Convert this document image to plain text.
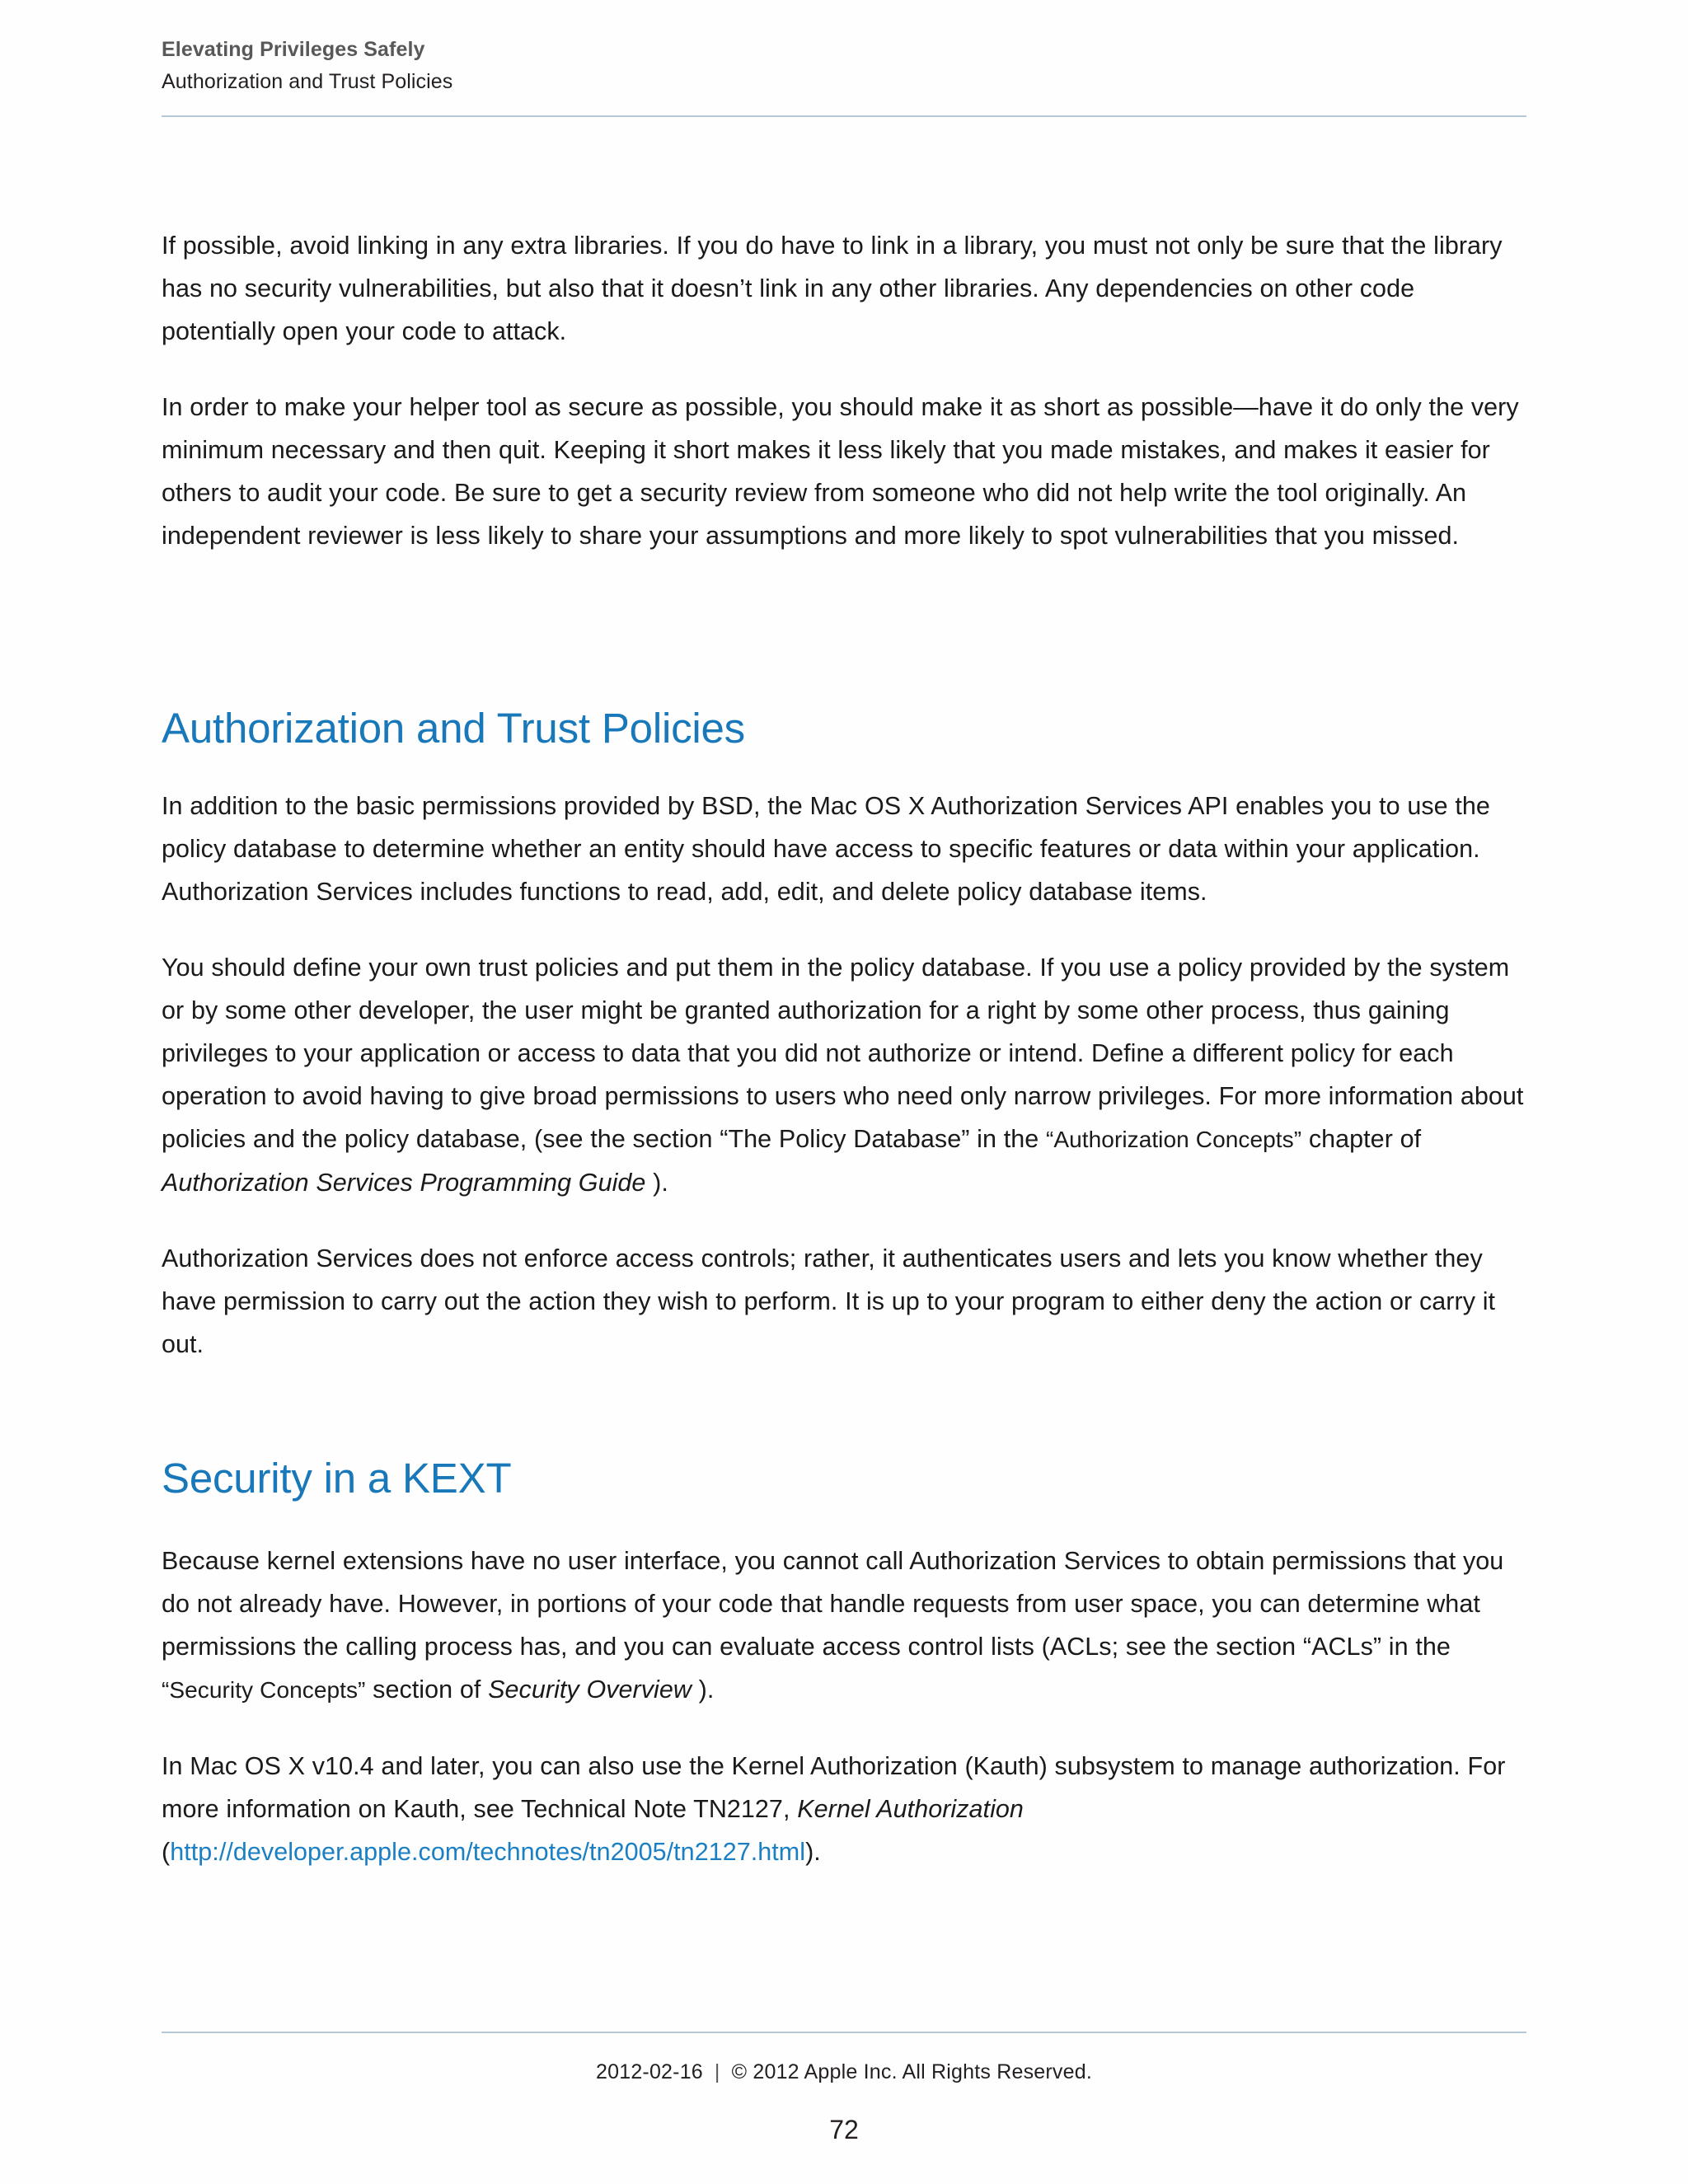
Elevating Privileges Safely
Authorization and Trust Policies

If possible, avoid linking in any extra libraries. If you do have to link in a library, you must not only be sure that the library has no security vulnerabilities, but also that it doesn’t link in any other libraries. Any dependencies on other code potentially open your code to attack.

In order to make your helper tool as secure as possible, you should make it as short as possible—have it do only the very minimum necessary and then quit. Keeping it short makes it less likely that you made mistakes, and makes it easier for others to audit your code. Be sure to get a security review from someone who did not help write the tool originally. An independent reviewer is less likely to share your assumptions and more likely to spot vulnerabilities that you missed.

Authorization and Trust Policies

In addition to the basic permissions provided by BSD, the Mac OS X Authorization Services API enables you to use the policy database to determine whether an entity should have access to specific features or data within your application. Authorization Services includes functions to read, add, edit, and delete policy database items.

You should define your own trust policies and put them in the policy database. If you use a policy provided by the system or by some other developer, the user might be granted authorization for a right by some other process, thus gaining privileges to your application or access to data that you did not authorize or intend. Define a different policy for each operation to avoid having to give broad permissions to users who need only narrow privileges. For more information about policies and the policy database, (see the section “The Policy Database” in the “Authorization Concepts” chapter of Authorization Services Programming Guide ).

Authorization Services does not enforce access controls; rather, it authenticates users and lets you know whether they have permission to carry out the action they wish to perform. It is up to your program to either deny the action or carry it out.

Security in a KEXT

Because kernel extensions have no user interface, you cannot call Authorization Services to obtain permissions that you do not already have. However, in portions of your code that handle requests from user space, you can determine what permissions the calling process has, and you can evaluate access control lists (ACLs; see the section “ACLs” in the “Security Concepts” section of Security Overview ).

In Mac OS X v10.4 and later, you can also use the Kernel Authorization (Kauth) subsystem to manage authorization. For more information on Kauth, see Technical Note TN2127, Kernel Authorization (http://developer.apple.com/technotes/tn2005/tn2127.html).

2012-02-16 | © 2012 Apple Inc. All Rights Reserved.
72
